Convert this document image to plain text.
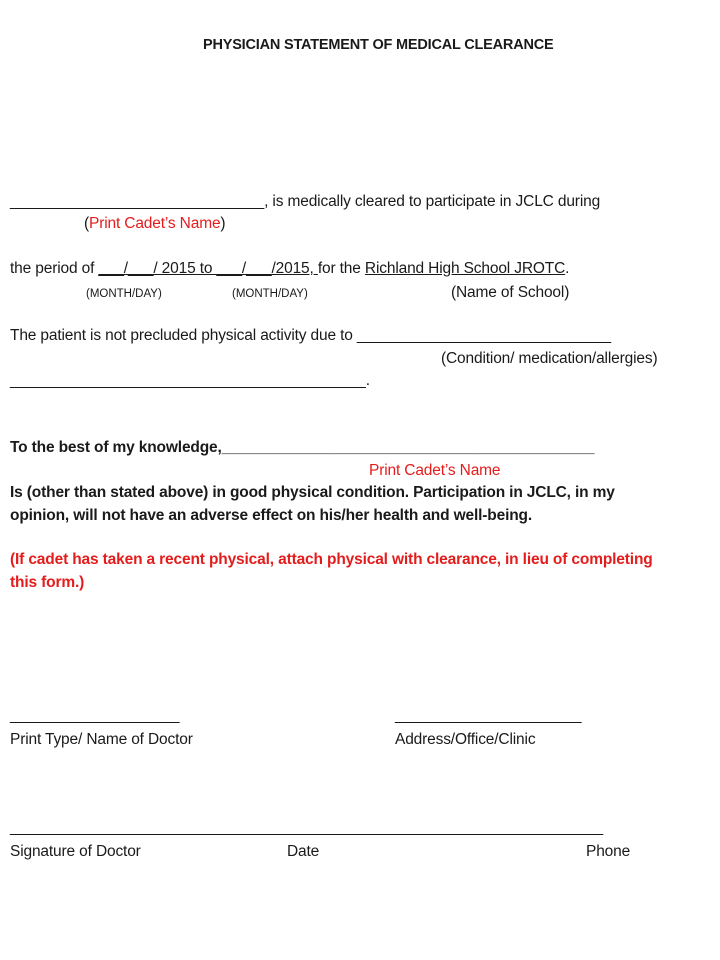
PHYSICIAN STATEMENT OF MEDICAL CLEARANCE
______________________________, is medically cleared to participate in JCLC during
(Print Cadet’s Name)
the period of ___/___/ 2015 to ___/___/2015, for the Richland High School JROTC.
(MONTH/DAY)	(MONTH/DAY)	(Name of School)
The patient is not precluded physical activity due to ______________________________
(Condition/ medication/allergies)
__________________________________________.
To the best of my knowledge,____________________________________________
Print Cadet’s Name
Is (other than stated above) in good physical condition. Participation in JCLC, in my
opinion, will not have an adverse effect on his/her health and well-being.
(If cadet has taken a recent physical, attach physical with clearance, in lieu of completing
this form.)
____________________
Print Type/ Name of Doctor
______________________
Address/Office/Clinic
______________________________________________________________________
Signature of Doctor	Date	Phone
